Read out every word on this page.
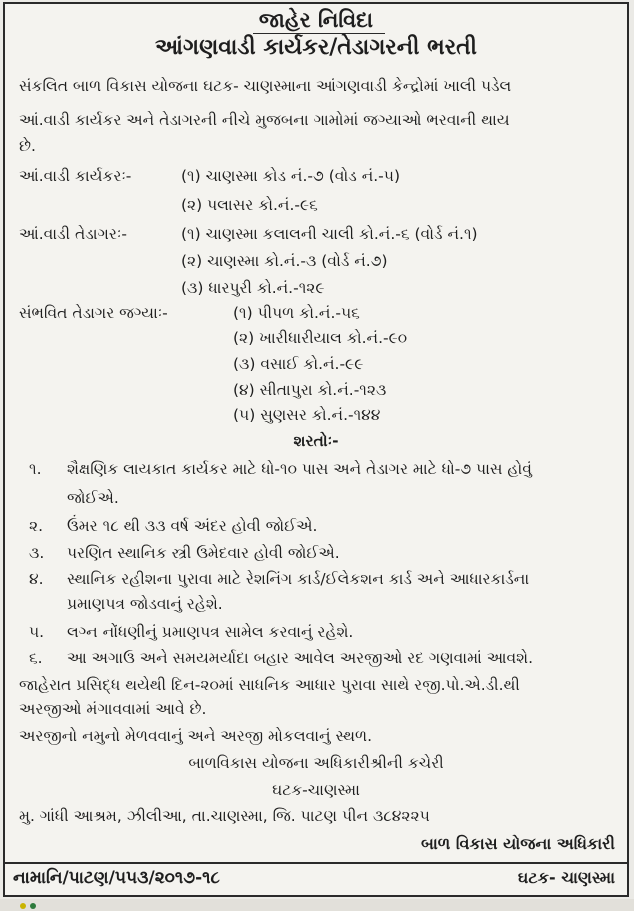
જાહેર નિવિદા
આંગણવાડી કાર્યકર/તેડાગરની ભરતી
સંકલિત બાળ વિકાસ યોજના ઘટક- ચાણસ્માના આંગણવાડી કેન્દ્રોમાં ખાલી પડેલ
આં.વાડી કાર્યકર અને તેડાગરની નીચે મુજબના ગામોમાં જગ્યાઓ ભરવાની થાય
છે.
આં.વાડી કાર્યકરઃ-	(૧) ચાણસ્મા કોડ નં.-૭ (વોડ નં.-૫)
(૨) પલાસર કો.નં.-૯૬
આં.વાડી તેડાગરઃ-	(૧) ચાણસ્મા કલાલની ચાલી કો.નં.-૬ (વોર્ડ નં.૧)
(૨) ચાણસ્મા કો.નં.-૩ (વોર્ડ નં.૭)
(૩) ધારપુરી કો.નં.-૧૨૯
સંભવિત તેડાગર જગ્યાઃ-	(૧) પીપળ કો.નં.-૫૬
(૨) ખારીધારીયાલ કો.નં.-૯૦
(૩) વસાઈ કો.નં.-૯૯
(૪) સીતાપુરા કો.નં.-૧૨૩
(૫) સુણસર કો.નં.-૧૪૪
શરતોઃ-
૧. શૈક્ષણિક લાયકાત કાર્યકર માટે ધો-૧૦ પાસ અને તેડાગર માટે ધો-૭ પાસ હોવું
જોઈએ.
૨. ઉંમર ૧૮ થી ૩૩ વર્ષ અંદર હોવી જોઈએ.
૩. પરણિત સ્થાનિક સ્ત્રી ઉમેદવાર હોવી જોઈએ.
૪. સ્થાનિક રહીશના પુરાવા માટે રેશનિંગ કાર્ડ/ઈલેકશન કાર્ડ અને આધારકાર્ડના
પ્રમાણપત્ર જોડવાનું રહેશે.
૫. લગ્ન નોંધણીનું પ્રમાણપત્ર સામેલ કરવાનું રહેશે.
૬. આ અગાઉ અને સમયમર્યાદા બહાર આવેલ અરજીઓ રદ ગણવામાં આવશે.
જાહેરાત પ્રસિદ્ધ થયેથી દિન-૨૦માં સાધનિક આધાર પુરાવા સાથે રજી.પો.એ.ડી.થી
અરજીઓ મંગાવવામાં આવે છે.
અરજીનો નમુનો મેળવવાનું અને અરજી મોકલવાનું સ્થળ.
બાળવિકાસ યોજના અધિકારીશ્રીની કચેરી
ઘટક-ચાણસ્મા
મુ. ગાંધી આશ્રમ, ઝીલીઆ, તા.ચાણસ્મા, જિ. પાટણ પીન ૩૮૪૨૨૫
બાળ વિકાસ યોજના અધિકારી
નામાનિ/પાટણ/૫૫૩/૨૦૧૭-૧૮	ઘટક- ચાણસ્મા
